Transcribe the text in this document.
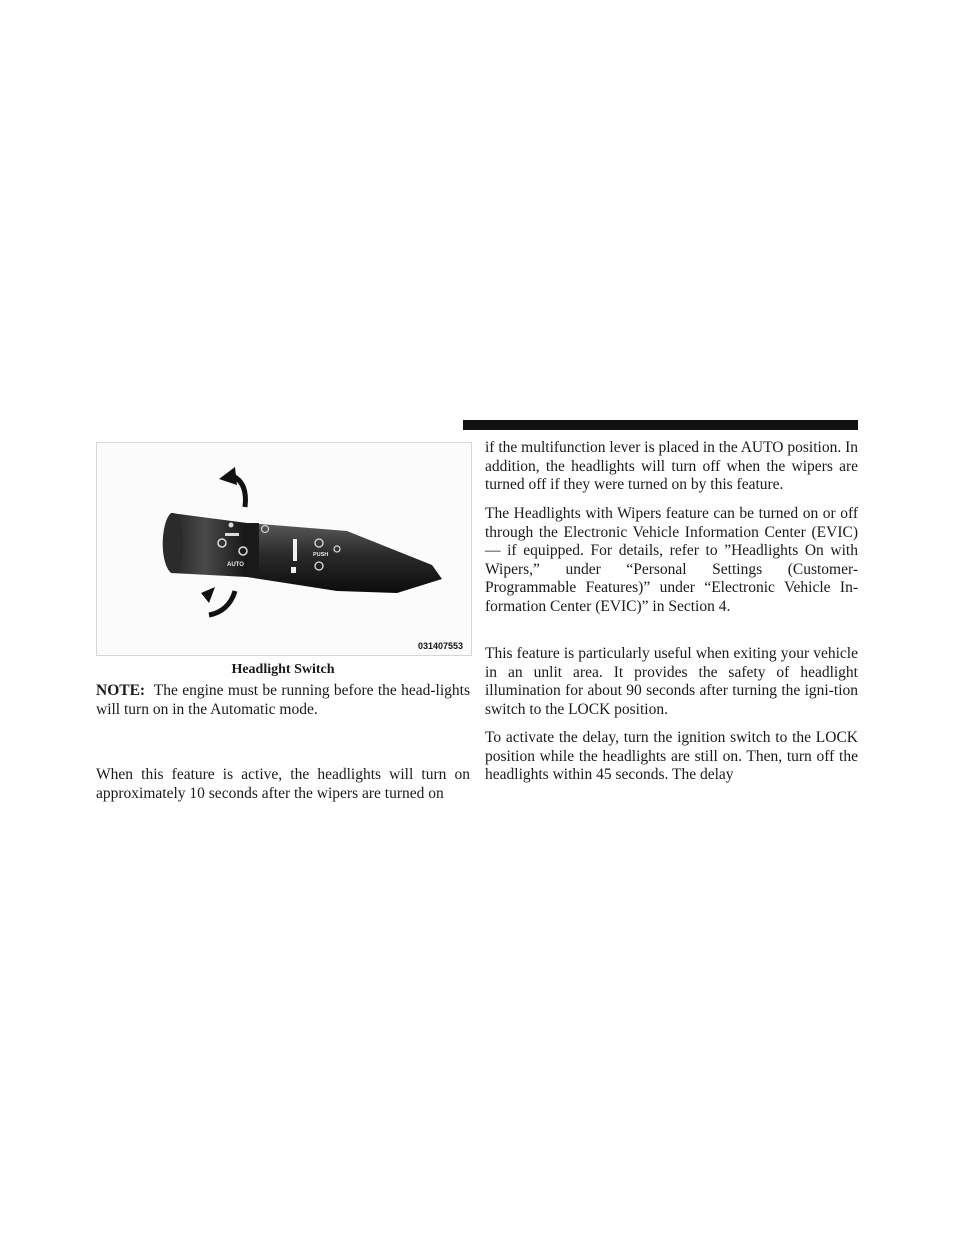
AUTO
PUSH
031407553
Headlight Switch

NOTE: The engine must be running before the head-lights will turn on in the Automatic mode.

When this feature is active, the headlights will turn on approximately 10 seconds after the wipers are turned on

if the multifunction lever is placed in the AUTO position. In addition, the headlights will turn off when the wipers are turned off if they were turned on by this feature.

The Headlights with Wipers feature can be turned on or off through the Electronic Vehicle Information Center (EVIC) — if equipped. For details, refer to ”Headlights On with Wipers,” under “Personal Settings (Customer-Programmable Features)” under “Electronic Vehicle In-formation Center (EVIC)” in Section 4.

This feature is particularly useful when exiting your vehicle in an unlit area. It provides the safety of headlight illumination for about 90 seconds after turning the igni-tion switch to the LOCK position.

To activate the delay, turn the ignition switch to the LOCK position while the headlights are still on. Then, turn off the headlights within 45 seconds. The delay
